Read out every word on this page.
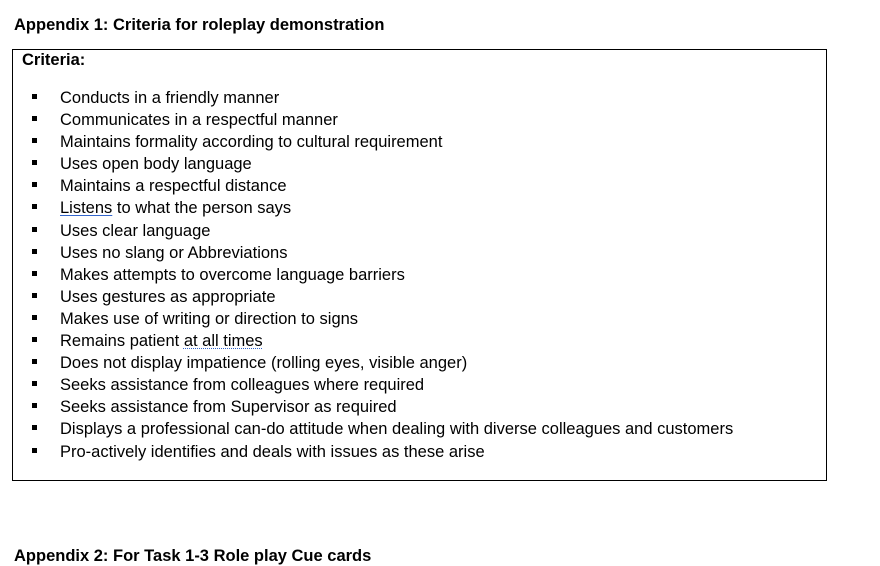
Appendix 1: Criteria for roleplay demonstration
Criteria:
Conducts in a friendly manner
Communicates in a respectful manner
Maintains formality according to cultural requirement
Uses open body language
Maintains a respectful distance
Listens to what the person says
Uses clear language
Uses no slang or Abbreviations
Makes attempts to overcome language barriers
Uses gestures as appropriate
Makes use of writing or direction to signs
Remains patient at all times
Does not display impatience (rolling eyes, visible anger)
Seeks assistance from colleagues where required
Seeks assistance from Supervisor as required
Displays a professional can-do attitude when dealing with diverse colleagues and customers
Pro-actively identifies and deals with issues as these arise
Appendix 2: For Task 1-3 Role play Cue cards
